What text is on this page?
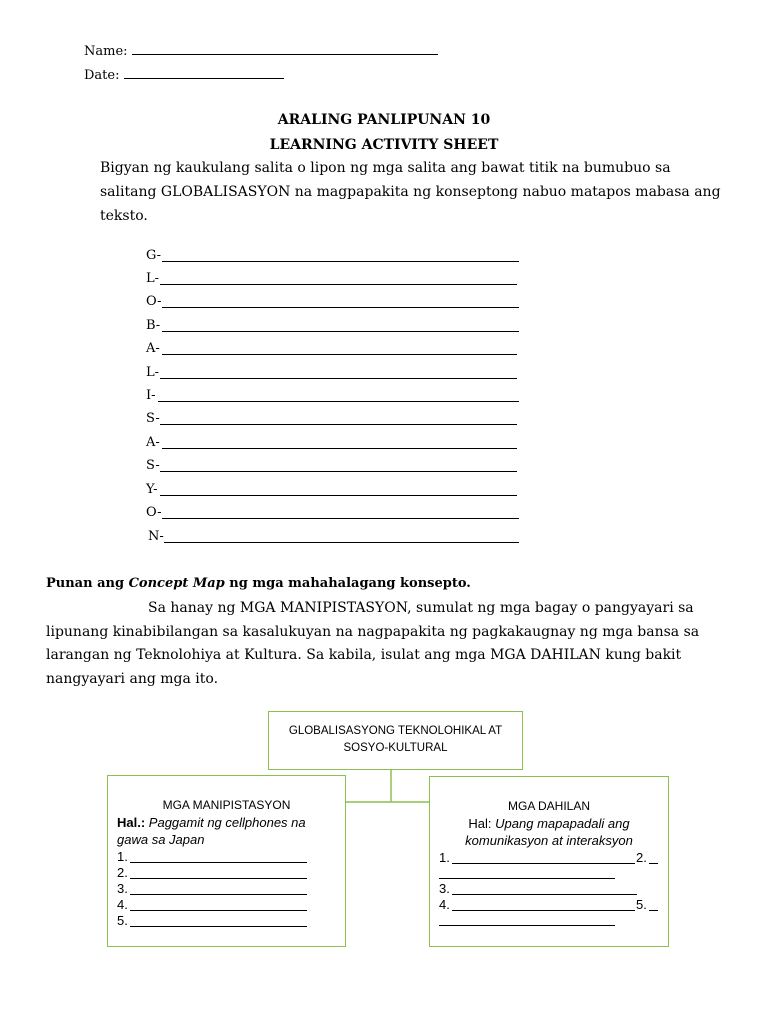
Name:
Date:
ARALING PANLIPUNAN 10
LEARNING ACTIVITY SHEET
Bigyan ng kaukulang salita o lipon ng mga salita ang bawat titik na bumubuo sa
salitang GLOBALISASYON na magpapakita ng konseptong nabuo matapos mabasa ang
teksto.
G-
L-
O-
B-
A-
L-
I-
S-
A-
S-
Y-
O-
N-
Punan ang Concept Map ng mga mahahalagang konsepto.
Sa hanay ng MGA MANIPISTASYON, sumulat ng mga bagay o pangyayari sa
lipunang kinabibilangan sa kasalukuyan na nagpapakita ng pagkakaugnay ng mga bansa sa
larangan ng Teknolohiya at Kultura. Sa kabila, isulat ang mga MGA DAHILAN kung bakit
nangyayari ang mga ito.
GLOBALISASYONG TEKNOLOHIKAL AT
SOSYO-KULTURAL
MGA MANIPISTASYON
Hal.: Paggamit ng cellphones na
gawa sa Japan
1.
2.
3.
4.
5.
MGA DAHILAN
Hal: Upang mapapadali ang
komunikasyon at interaksyon
1.	2.
3.
4.	5.
